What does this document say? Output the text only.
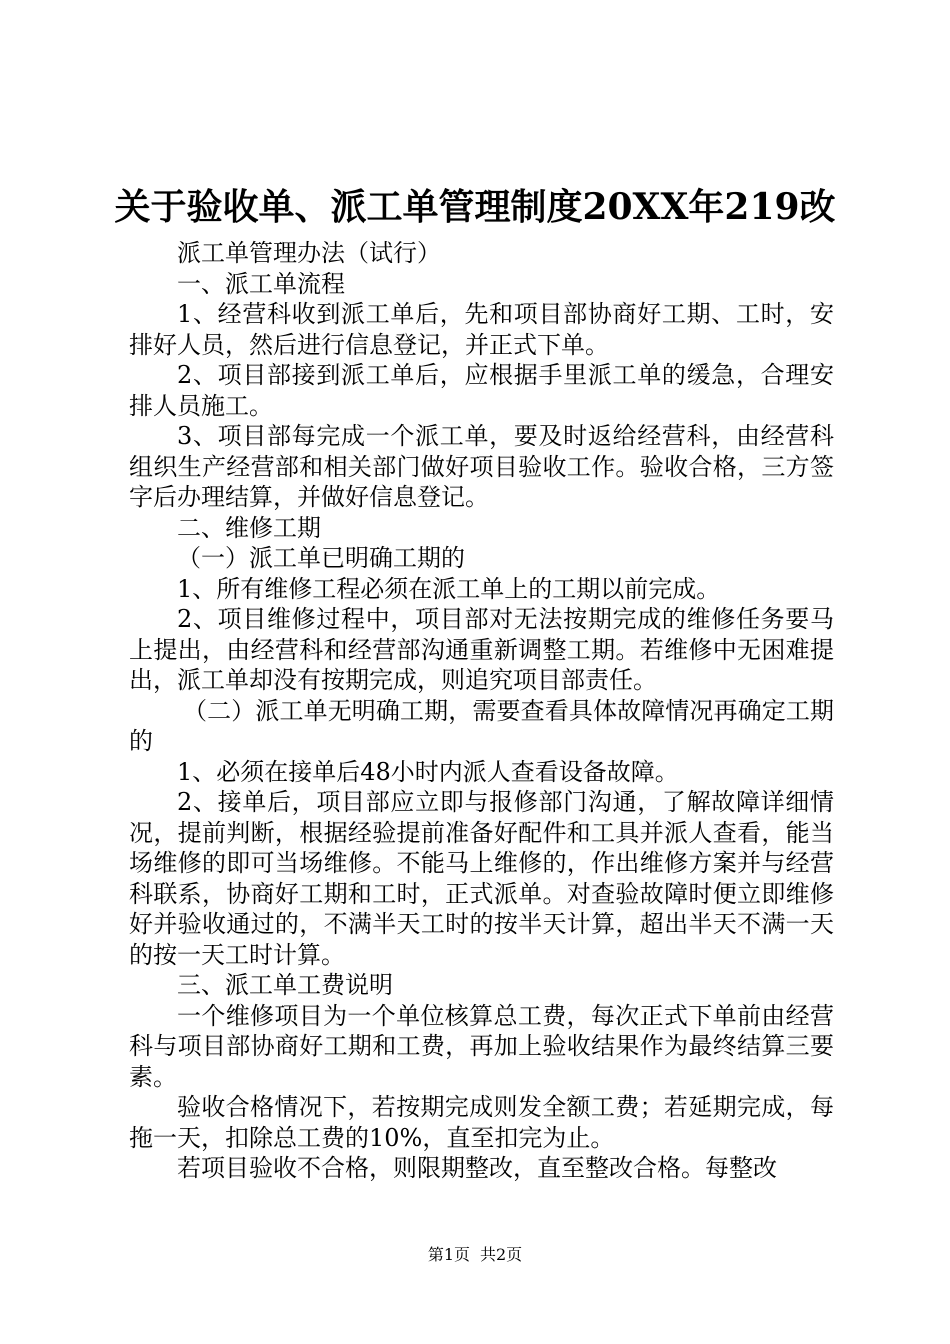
关于验收单、派工单管理制度20XX年219改

派工单管理办法（试行）

一、派工单流程

1、经营科收到派工单后，先和项目部协商好工期、工时，安排好人员，然后进行信息登记，并正式下单。

2、项目部接到派工单后，应根据手里派工单的缓急，合理安排人员施工。

3、项目部每完成一个派工单，要及时返给经营科，由经营科组织生产经营部和相关部门做好项目验收工作。验收合格，三方签字后办理结算，并做好信息登记。

二、维修工期

（一）派工单已明确工期的

1、所有维修工程必须在派工单上的工期以前完成。

2、项目维修过程中，项目部对无法按期完成的维修任务要马上提出，由经营科和经营部沟通重新调整工期。若维修中无困难提出，派工单却没有按期完成，则追究项目部责任。

（二）派工单无明确工期，需要查看具体故障情况再确定工期的

1、必须在接单后48小时内派人查看设备故障。

2、接单后，项目部应立即与报修部门沟通，了解故障详细情况，提前判断，根据经验提前准备好配件和工具并派人查看，能当场维修的即可当场维修。不能马上维修的，作出维修方案并与经营科联系，协商好工期和工时，正式派单。对查验故障时便立即维修好并验收通过的，不满半天工时的按半天计算，超出半天不满一天的按一天工时计算。

三、派工单工费说明

一个维修项目为一个单位核算总工费，每次正式下单前由经营科与项目部协商好工期和工费，再加上验收结果作为最终结算三要素。

验收合格情况下，若按期完成则发全额工费；若延期完成，每拖一天，扣除总工费的10%，直至扣完为止。

若项目验收不合格，则限期整改，直至整改合格。每整改

第1页 共2页
